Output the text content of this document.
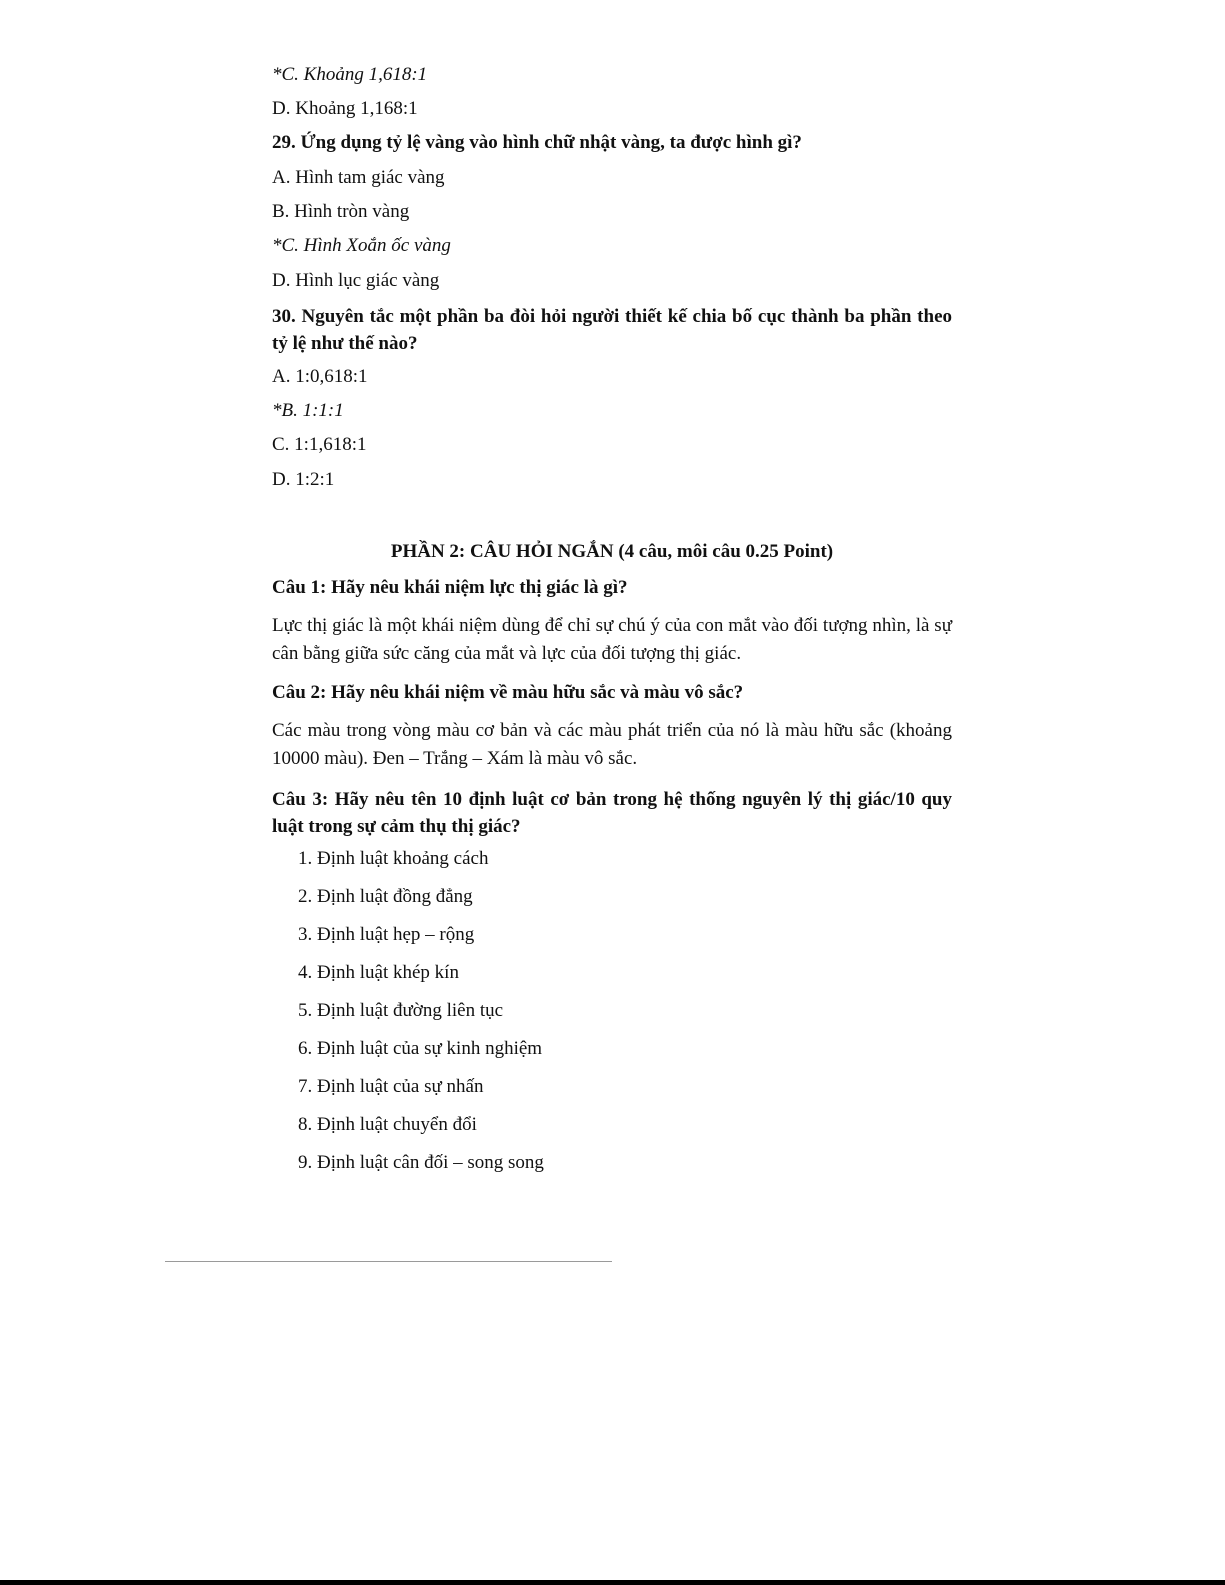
*C. Khoảng 1,618:1

D. Khoảng 1,168:1

29. Ứng dụng tỷ lệ vàng vào hình chữ nhật vàng, ta được hình gì?

A. Hình tam giác vàng

B. Hình tròn vàng

*C. Hình Xoắn ốc vàng

D. Hình lục giác vàng

30. Nguyên tắc một phần ba đòi hỏi người thiết kế chia bố cục thành ba phần theo tỷ lệ như thế nào?

A. 1:0,618:1

*B. 1:1:1

C. 1:1,618:1

D. 1:2:1

PHẦN 2: CÂU HỎI NGẮN (4 câu, môi câu 0.25 Point)

Câu 1: Hãy nêu khái niệm lực thị giác là gì?

Lực thị giác là một khái niệm dùng để chỉ sự chú ý của con mắt vào đối tượng nhìn, là sự cân bằng giữa sức căng của mắt và lực của đối tượng thị giác.

Câu 2: Hãy nêu khái niệm về màu hữu sắc và màu vô sắc?

Các màu trong vòng màu cơ bản và các màu phát triển của nó là màu hữu sắc (khoảng 10000 màu). Đen – Trắng – Xám là màu vô sắc.

Câu 3: Hãy nêu tên 10 định luật cơ bản trong hệ thống nguyên lý thị giác/10 quy luật trong sự cảm thụ thị giác?

1. Định luật khoảng cách
2. Định luật đồng đẳng
3. Định luật hẹp – rộng
4. Định luật khép kín
5. Định luật đường liên tục
6. Định luật của sự kinh nghiệm
7. Định luật của sự nhấn
8. Định luật chuyển đổi
9. Định luật cân đối – song song
